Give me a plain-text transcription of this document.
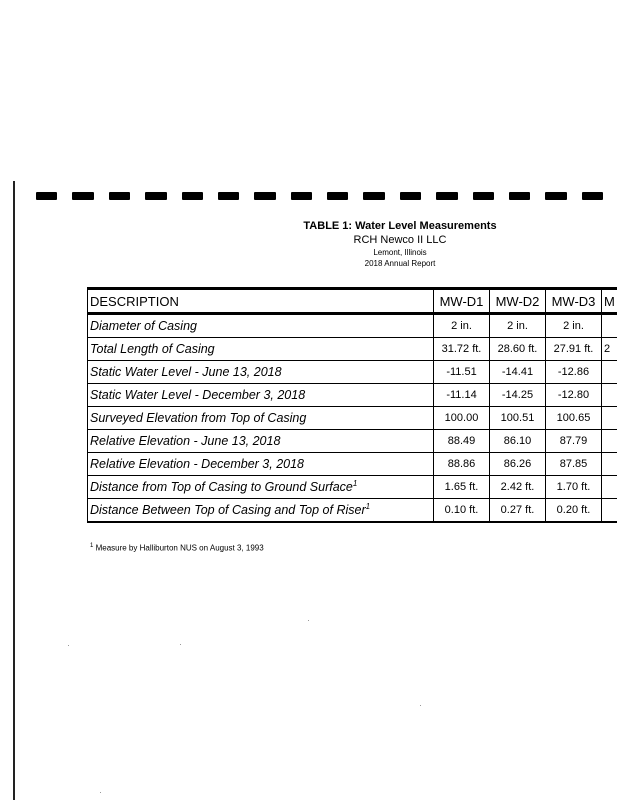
TABLE 1: Water Level Measurements

RCH Newco II LLC

Lemont, Illinois

2018 Annual Report

DESCRIPTION	MW-D1	MW-D2	MW-D3	M
Diameter of Casing	2 in.	2 in.	2 in.	
Total Length of Casing	31.72 ft.	28.60 ft.	27.91 ft.	2
Static Water Level - June 13, 2018	-11.51	-14.41	-12.86	
Static Water Level - December 3, 2018	-11.14	-14.25	-12.80	
Surveyed Elevation from Top of Casing	100.00	100.51	100.65	
Relative Elevation - June 13, 2018	88.49	86.10	87.79	
Relative Elevation - December 3, 2018	88.86	86.26	87.85	
Distance from Top of Casing to Ground Surface$^1$	1.65 ft.	2.42 ft.	1.70 ft.	
Distance Between Top of Casing and Top of Riser$^1$	0.10 ft.	0.27 ft.	0.20 ft.	
$^1$ Measure by Halliburton NUS on August 3, 1993
